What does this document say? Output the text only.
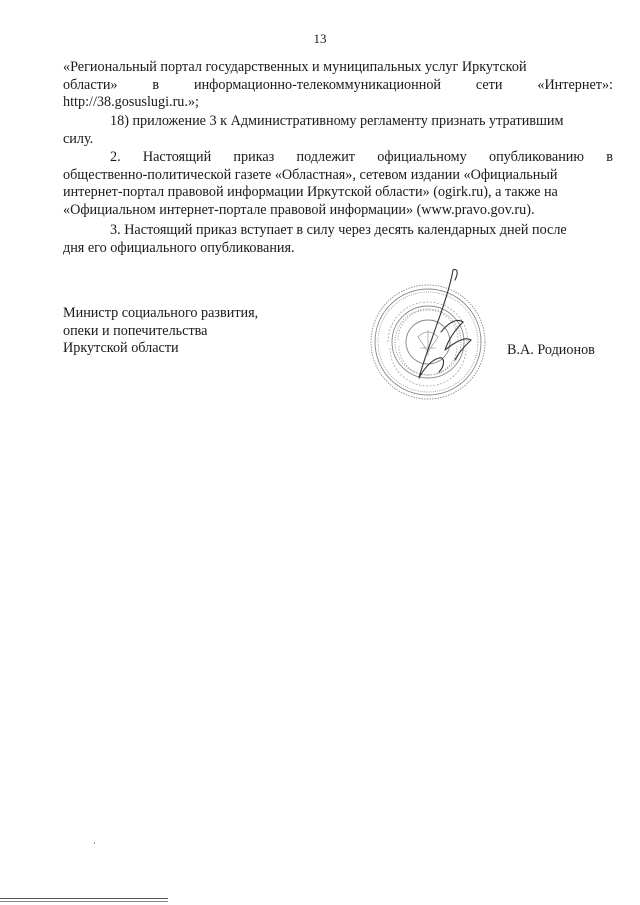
13
«Региональный портал государственных и муниципальных услуг Иркутской
области» в информационно-телекоммуникационной сети «Интернет»:
http://38.gosuslugi.ru.»;
18) приложение 3 к Административному регламенту признать утратившим
силу.
2. Настоящий приказ подлежит официальному опубликованию в
общественно-политической газете «Областная», сетевом издании «Официальный
интернет-портал правовой информации Иркутской области» (ogirk.ru), а также на
«Официальном интернет-портале правовой информации» (www.pravo.gov.ru).
3. Настоящий приказ вступает в силу через десять календарных дней после
дня его официального опубликования.
Министр социального развития,
опеки и попечительства
Иркутской области	В.А. Родионов
